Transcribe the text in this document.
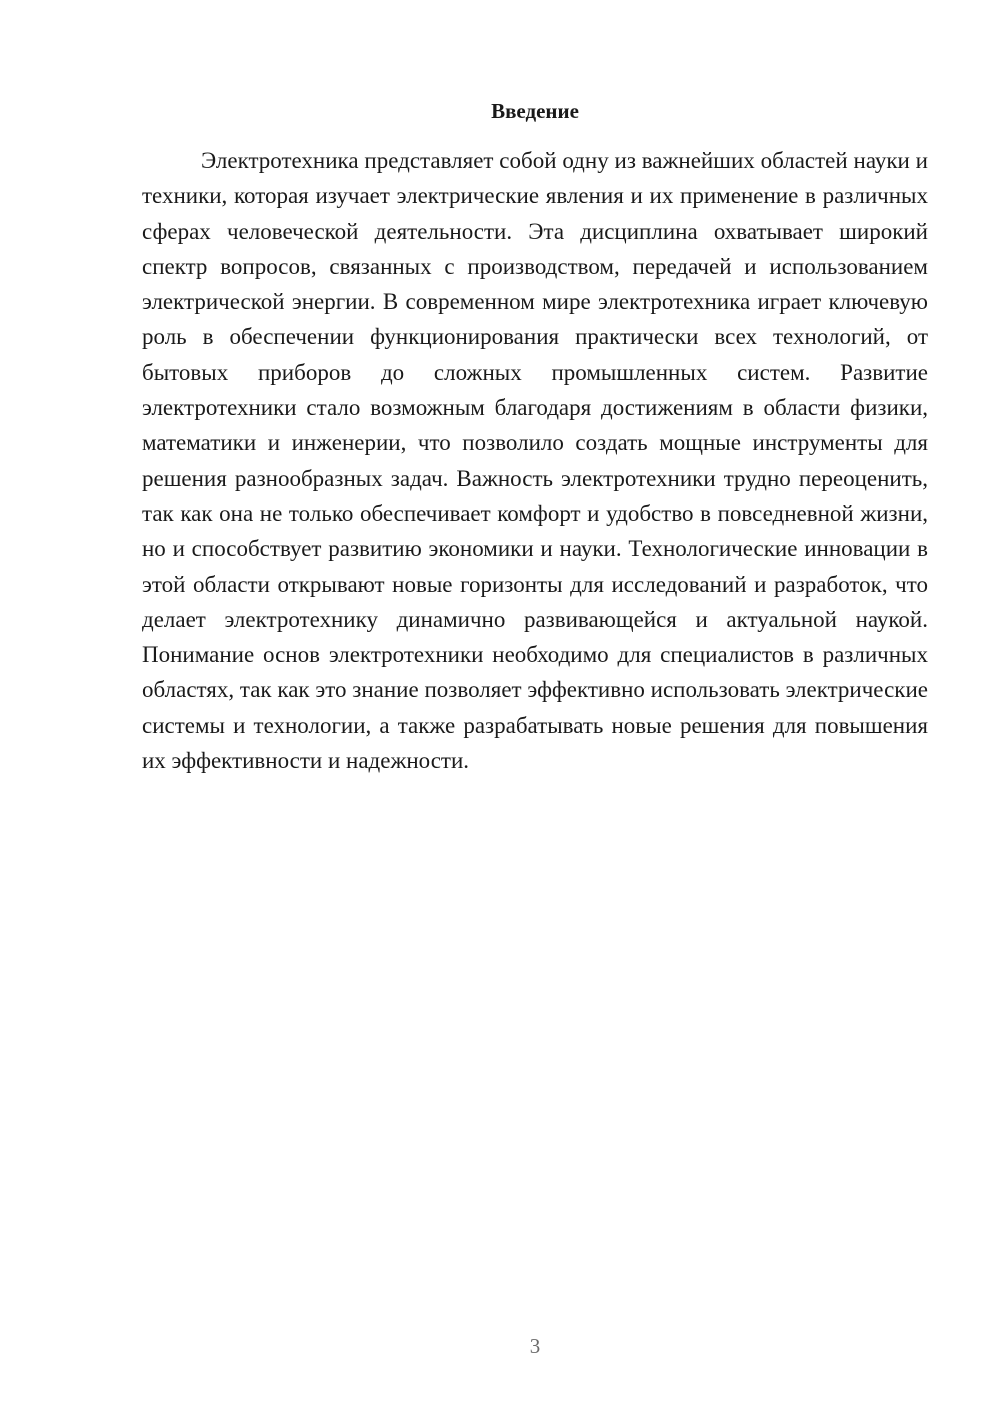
Введение

Электротехника представляет собой одну из важнейших областей науки и техники, которая изучает электрические явления и их применение в различных сферах человеческой деятельности. Эта дисциплина охватывает широкий спектр вопросов, связанных с производством, передачей и использованием электрической энергии. В современном мире электротехника играет ключевую роль в обеспечении функционирования практически всех технологий, от бытовых приборов до сложных промышленных систем. Развитие электротехники стало возможным благодаря достижениям в области физики, математики и инженерии, что позволило создать мощные инструменты для решения разнообразных задач. Важность электротехники трудно переоценить, так как она не только обеспечивает комфорт и удобство в повседневной жизни, но и способствует развитию экономики и науки. Технологические инновации в этой области открывают новые горизонты для исследований и разработок, что делает электротехнику динамично развивающейся и актуальной наукой. Понимание основ электротехники необходимо для специалистов в различных областях, так как это знание позволяет эффективно использовать электрические системы и технологии, а также разрабатывать новые решения для повышения их эффективности и надежности.

3
